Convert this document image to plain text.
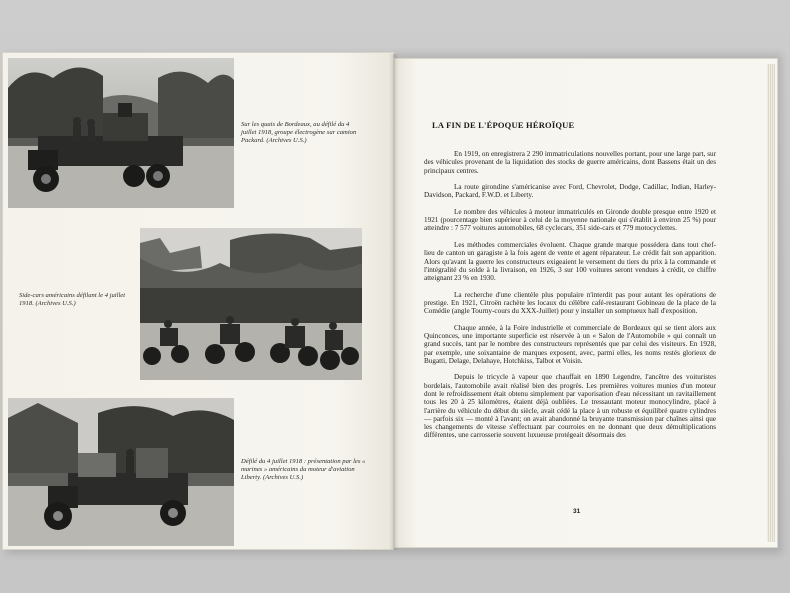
Sur les quais de Bordeaux, au défilé du 4 juillet 1918, groupe électrogène sur camion Packard. (Archives U.S.)
Side-cars américains défilant le 4 juillet 1918. (Archives U.S.)
Défilé du 4 juillet 1918 : présentation par les « marines » américains du moteur d'aviation Liberty. (Archives U.S.)
LA FIN DE L'ÉPOQUE HÉROÏQUE

En 1919, on enregistrera 2 290 immatriculations nouvelles portant, pour une large part, sur des véhicules provenant de la liquidation des stocks de guerre américains, dont Bassens était un des principaux centres.

La route girondine s'américanise avec Ford, Chevrolet, Dodge, Cadillac, Indian, Harley-Davidson, Packard, F.W.D. et Liberty.

Le nombre des véhicules à moteur immatriculés en Gironde double presque entre 1920 et 1921 (pourcentage bien supérieur à celui de la moyenne nationale qui s'établit à environ 25 %) pour atteindre : 7 577 voitures automobiles, 68 cyclecars, 351 side-cars et 779 motocyclettes.

Les méthodes commerciales évoluent. Chaque grande marque possédera dans tout chef-lieu de canton un garagiste à la fois agent de vente et agent réparateur. Le crédit fait son apparition. Alors qu'avant la guerre les constructeurs exigeaient le versement du tiers du prix à la commande et l'intégralité du solde à la livraison, en 1926, 3 sur 100 voitures seront vendues à crédit, ce chiffre atteignant 23 % en 1930.

La recherche d'une clientèle plus populaire n'interdit pas pour autant les opérations de prestige. En 1921, Citroën rachète les locaux du célèbre café-restaurant Gobineau de la place de la Comédie (angle Tourny-cours du XXX-Juillet) pour y installer un somptueux hall d'exposition.

Chaque année, à la Foire industrielle et commerciale de Bordeaux qui se tient alors aux Quinconces, une importante superficie est réservée à un « Salon de l'Automobile » qui connaît un grand succès, tant par le nombre des constructeurs représentés que par celui des visiteurs. En 1928, par exemple, une soixantaine de marques exposent, avec, parmi elles, les noms restés glorieux de Bugatti, Delage, Delahaye, Hotchkiss, Talbot et Voisin.

Depuis le tricycle à vapeur que chauffait en 1890 Legendre, l'ancêtre des voituristes bordelais, l'automobile avait réalisé bien des progrès. Les premières voitures munies d'un moteur dont le refroidissement était obtenu simplement par vaporisation d'eau nécessitant un ravitaillement tous les 20 à 25 kilomètres, étaient déjà oubliées. Le tressautant moteur monocylindre, placé à l'arrière du véhicule du début du siècle, avait cédé la place à un robuste et équilibré quatre cylindres — parfois six — monté à l'avant; on avait abandonné la bruyante transmission par chaînes ainsi que les changements de vitesse s'effectuant par courroies en ne donnant que deux démultiplications différentes, une carrosserie souvent luxueuse protégeait désormais des

31
